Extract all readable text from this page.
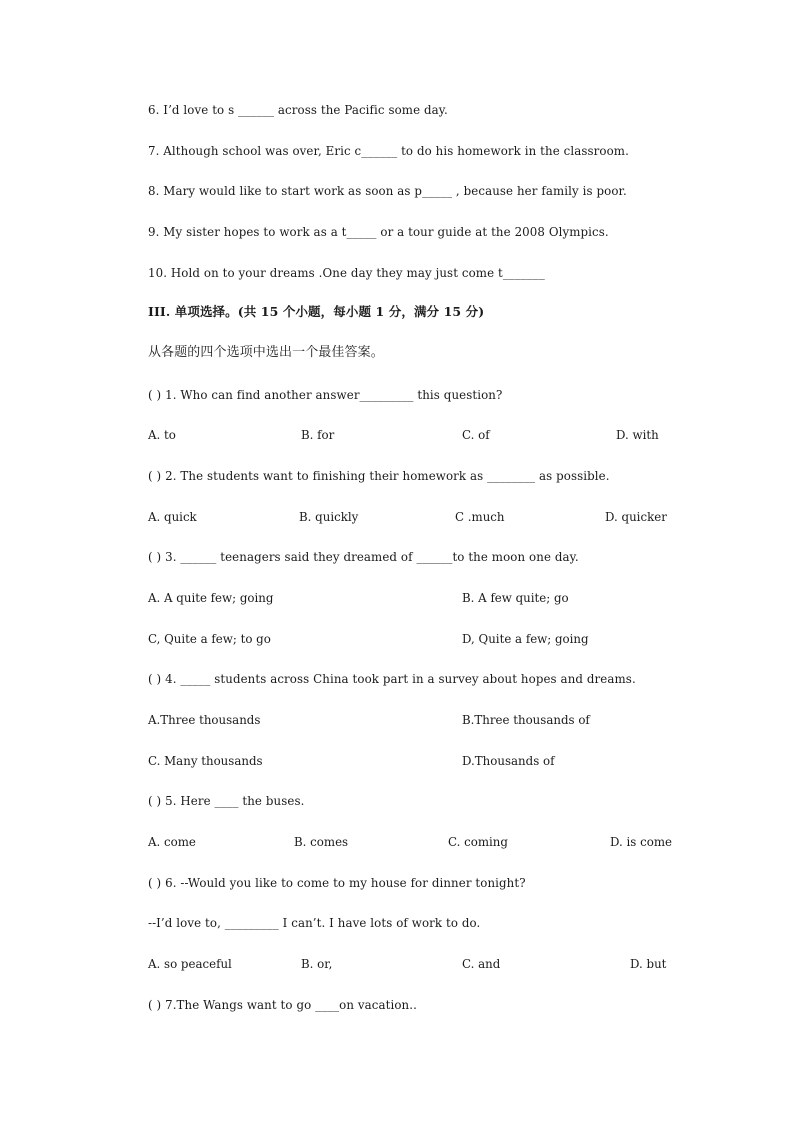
6. I’d love to s ______ across the Pacific some day.
7. Although school was over, Eric c______ to do his homework in the classroom.
8. Mary would like to start work as soon as p_____ , because her family is poor.
9. My sister hopes to work as a t_____ or a tour guide at the 2008 Olympics.
10. Hold on to your dreams .One day they may just come t_______
III. 单项选择。(共 15 个小题，每小题 1 分，满分 15 分)
从各题的四个选项中选出一个最佳答案。
( ) 1. Who can find another answer_________ this question?
A. to	B. for	C. of	D. with
( ) 2. The students want to finishing their homework as ________ as possible.
A. quick	B. quickly	C .much	D. quicker
( ) 3. ______ teenagers said they dreamed of ______to the moon one day.
A. A quite few; going	B. A few quite; go
C, Quite a few; to go	D, Quite a few; going
( ) 4. _____ students across China took part in a survey about hopes and dreams.
A.Three thousands	B.Three thousands of
C. Many thousands	D.Thousands of
( ) 5. Here ____ the buses.
A. come	B. comes	C. coming	D. is come
( ) 6. --Would you like to come to my house for dinner tonight?
--I’d love to, _________ I can’t. I have lots of work to do.
A. so peaceful	B. or,	C. and	D. but
( ) 7.The Wangs want to go ____on vacation..
